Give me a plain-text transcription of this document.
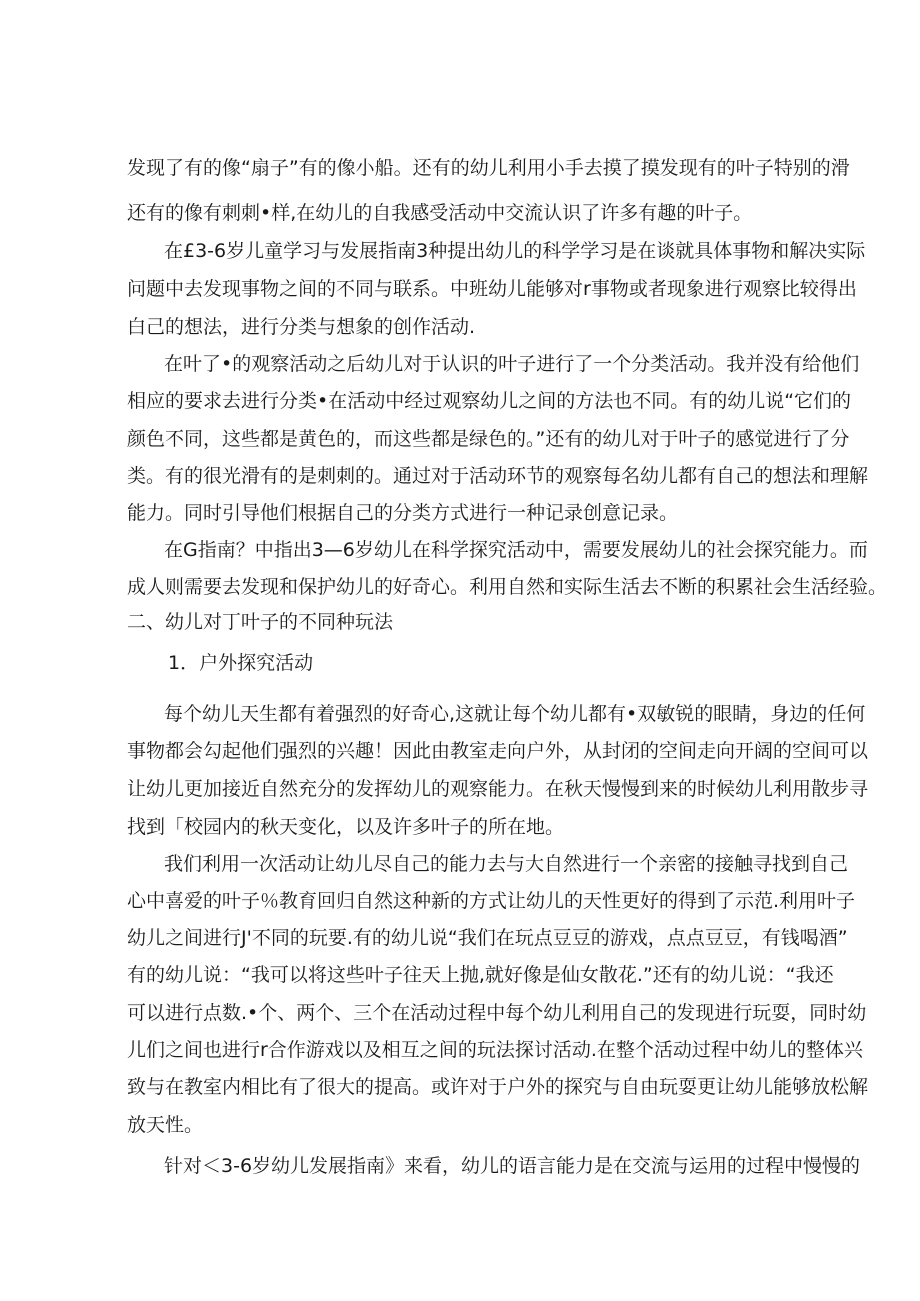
发现了有的像“扇子”有的像小船。还有的幼儿利用小手去摸了摸发现有的叶子特别的滑
还有的像有刺刺•样,在幼儿的自我感受活动中交流认识了许多有趣的叶子。
在£3-6岁儿童学习与发展指南3种提出幼儿的科学学习是在谈就具体事物和解决实际
问题中去发现事物之间的不同与联系。中班幼儿能够对r事物或者现象进行观察比较得出
白己的想法，进行分类与想象的创作活动.
在叶了•的观察活动之后幼儿对于认识的叶子进行了一个分类活动。我并没有给他们
相应的要求去进行分类•在活动中经过观察幼儿之间的方法也不同。有的幼儿说“它们的
颜色不同，这些都是黄色的，而这些都是绿色的。”还有的幼儿对于叶子的感觉进行了分
类。有的很光滑有的是刺刺的。通过对于活动环节的观察每名幼儿都有自己的想法和理解
能力。同时引导他们根据自己的分类方式进行一种记录创意记录。
在G指南？中指出3—6岁幼儿在科学探究活动中，需要发展幼儿的社会探究能力。而
成人则需要去发现和保护幼儿的好奇心。利用自然和实际生活去不断的积累社会生活经验。
二、幼儿对丁叶子的不同种玩法
1．户外探究活动
每个幼儿天生都有着强烈的好奇心,这就让每个幼儿都有•双敏锐的眼睛，身边的任何
事物都会勾起他们强烈的兴趣！因此由教室走向户外，从封闭的空间走向开阔的空间可以
让幼儿更加接近自然充分的发挥幼儿的观察能力。在秋天慢慢到来的时候幼儿利用散步寻
找到「校园内的秋天变化，以及许多叶子的所在地。
我们利用一次活动让幼儿尽自己的能力去与大自然进行一个亲密的接触寻找到自己
心中喜爱的叶子％教育回归自然这种新的方式让幼儿的天性更好的得到了示范.利用叶子
幼儿之间进行J'不同的玩要.有的幼儿说“我们在玩点豆豆的游戏，点点豆豆，有钱喝酒”
有的幼儿说：“我可以将这些叶子往天上抛,就好像是仙女散花.”还有的幼儿说：“我还
可以进行点数.•个、两个、三个在活动过程中每个幼儿利用自己的发现进行玩耍，同时幼
儿们之间也进行r合作游戏以及相互之间的玩法探讨活动.在整个活动过程中幼儿的整体兴
致与在教室内相比有了很大的提高。或许对于户外的探究与自由玩耍更让幼儿能够放松解
放天性。
针对＜3-6岁幼儿发展指南》来看，幼儿的语言能力是在交流与运用的过程中慢慢的
